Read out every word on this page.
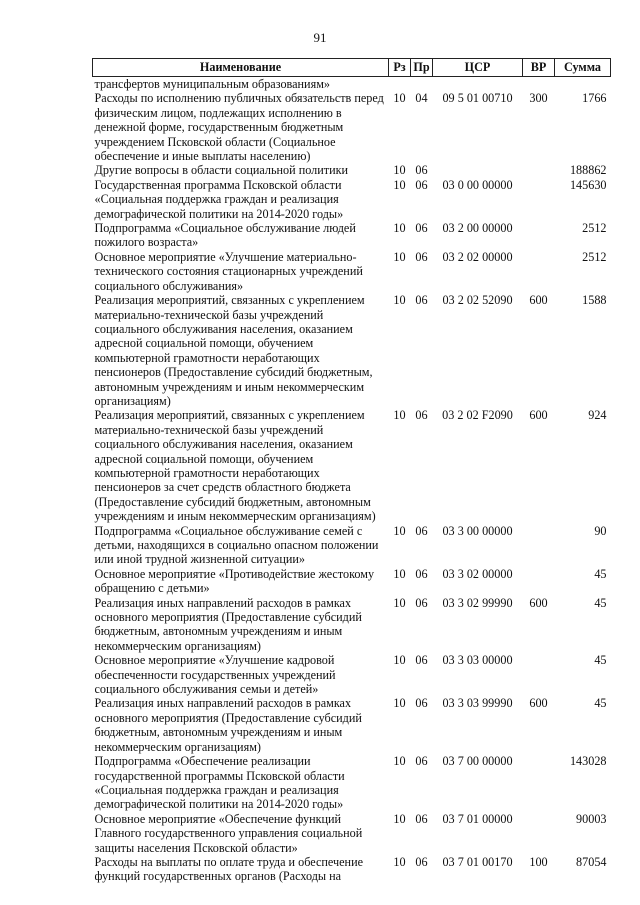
91
Наименование	Рз	Пр	ЦСР	ВР	Сумма
трансфертов муниципальным образованиям»					
Расходы по исполнению публичных обязательств перед физическим лицом, подлежащих исполнению в денежной форме, государственным бюджетным учреждением Псковской области (Социальное обеспечение и иные выплаты населению)	10	04	09 5 01 00710	300	1766
Другие вопросы в области социальной политики	10	06			188862
Государственная программа Псковской области «Социальная поддержка граждан и реализация демографической политики на 2014-2020 годы»	10	06	03 0 00 00000		145630
Подпрограмма «Социальное обслуживание людей пожилого возраста»	10	06	03 2 00 00000		2512
Основное мероприятие «Улучшение материально-технического состояния стационарных учреждений социального обслуживания»	10	06	03 2 02 00000		2512
Реализация мероприятий, связанных с укреплением материально-технической базы учреждений социального обслуживания населения, оказанием адресной социальной помощи, обучением компьютерной грамотности неработающих пенсионеров (Предоставление субсидий бюджетным, автономным учреждениям и иным некоммерческим организациям)	10	06	03 2 02 52090	600	1588
Реализация мероприятий, связанных с укреплением материально-технической базы учреждений социального обслуживания населения, оказанием адресной социальной помощи, обучением компьютерной грамотности неработающих пенсионеров за счет средств областного бюджета (Предоставление субсидий бюджетным, автономным учреждениям и иным некоммерческим организациям)	10	06	03 2 02 F2090	600	924
Подпрограмма «Социальное обслуживание семей с детьми, находящихся в социально опасном положении или иной трудной жизненной ситуации»	10	06	03 3 00 00000		90
Основное мероприятие «Противодействие жестокому обращению с детьми»	10	06	03 3 02 00000		45
Реализация иных направлений расходов в рамках основного мероприятия (Предоставление субсидий бюджетным, автономным учреждениям и иным некоммерческим организациям)	10	06	03 3 02 99990	600	45
Основное мероприятие «Улучшение кадровой обеспеченности государственных учреждений социального обслуживания семьи и детей»	10	06	03 3 03 00000		45
Реализация иных направлений расходов в рамках основного мероприятия (Предоставление субсидий бюджетным, автономным учреждениям и иным некоммерческим организациям)	10	06	03 3 03 99990	600	45
Подпрограмма «Обеспечение реализации государственной программы Псковской области «Социальная поддержка граждан и реализация демографической политики на 2014-2020 годы»	10	06	03 7 00 00000		143028
Основное мероприятие «Обеспечение функций Главного государственного управления социальной защиты населения Псковской области»	10	06	03 7 01 00000		90003
Расходы на выплаты по оплате труда и обеспечение функций государственных органов (Расходы на	10	06	03 7 01 00170	100	87054
